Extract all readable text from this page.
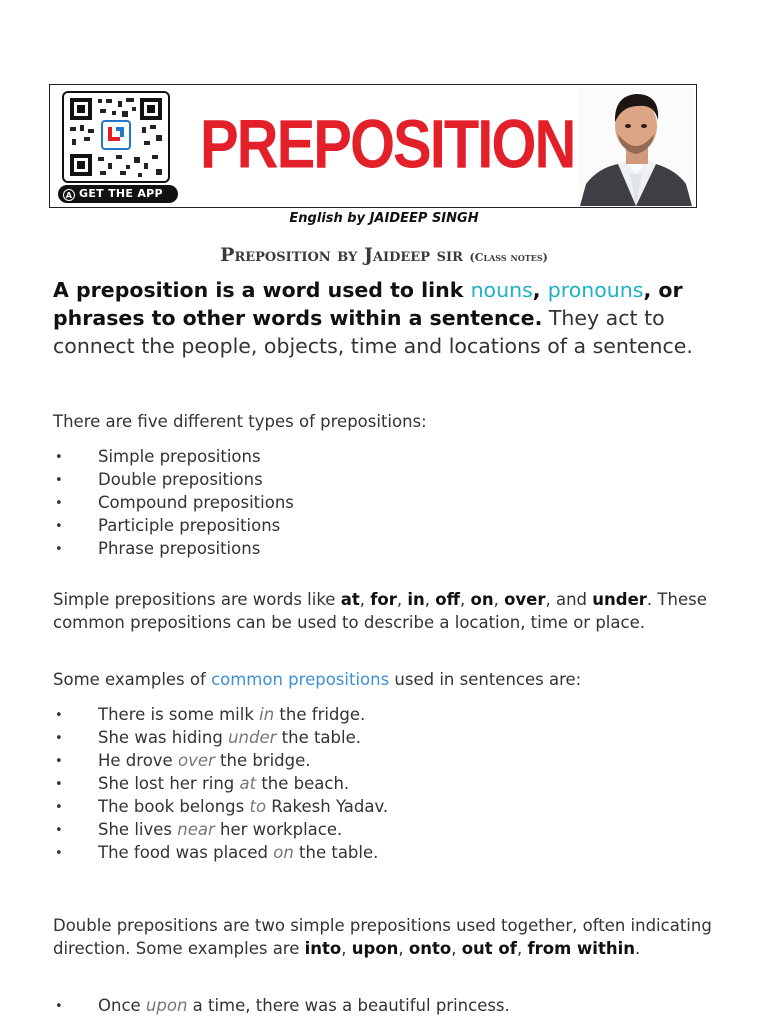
A GET THE APP
PREPOSITION
English by JAIDEEP SINGH
Preposition by Jaideep sir (Class notes)
A preposition is a word used to link nouns, pronouns, or phrases to other words within a sentence. They act to connect the people, objects, time and locations of a sentence.
There are five different types of prepositions:
• Simple prepositions
• Double prepositions
• Compound prepositions
• Participle prepositions
• Phrase prepositions
Simple prepositions are words like at, for, in, off, on, over, and under. These common prepositions can be used to describe a location, time or place.
Some examples of common prepositions used in sentences are:
• There is some milk in the fridge.
• She was hiding under the table.
• He drove over the bridge.
• She lost her ring at the beach.
• The book belongs to Rakesh Yadav.
• She lives near her workplace.
• The food was placed on the table.
Double prepositions are two simple prepositions used together, often indicating direction. Some examples are into, upon, onto, out of, from within.
• Once upon a time, there was a beautiful princess.
